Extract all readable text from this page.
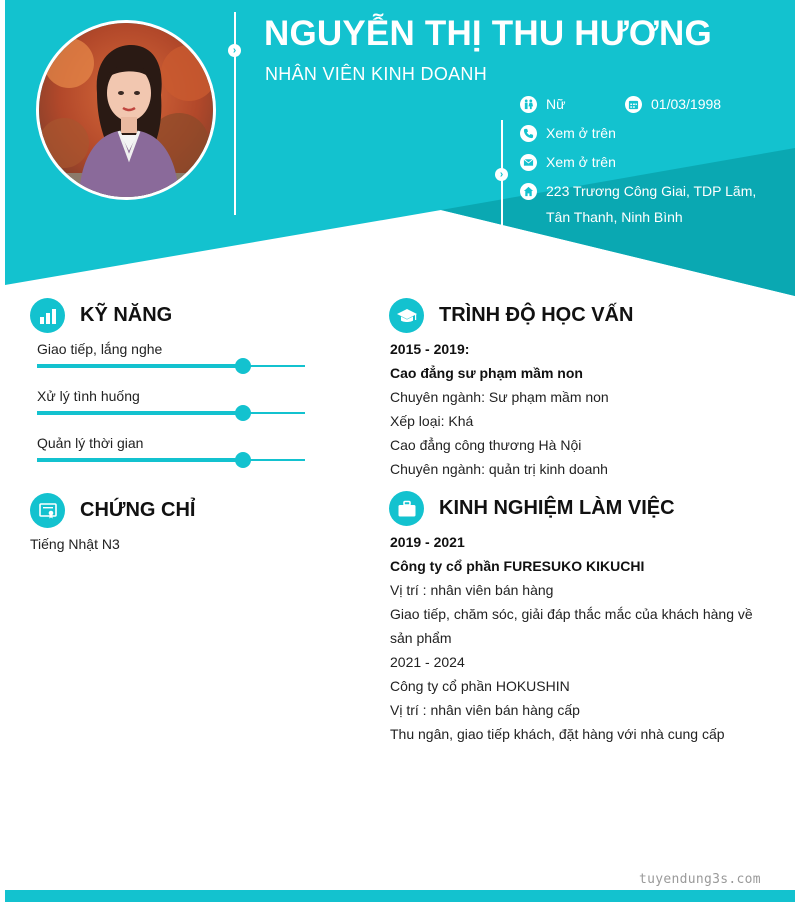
›
›
NGUYỄN THỊ THU HƯƠNG
NHÂN VIÊN KINH DOANH
Nữ	01/03/1998
Xem ở trên
Xem ở trên
223 Trương Công Giai, TDP Lãm, Tân Thanh, Ninh Bình
KỸ NĂNG
Giao tiếp, lắng nghe
Xử lý tình huống
Quản lý thời gian
CHỨNG CHỈ
Tiếng Nhật N3
TRÌNH ĐỘ HỌC VẤN
2015 - 2019:
Cao đẳng sư phạm mầm non
Chuyên ngành: Sư phạm mầm non
Xếp loại: Khá
Cao đẳng công thương Hà Nội
Chuyên ngành: quản trị kinh doanh
KINH NGHIỆM LÀM VIỆC
2019 - 2021
Công ty cổ phần FURESUKO KIKUCHI
Vị trí : nhân viên bán hàng
Giao tiếp, chăm sóc, giải đáp thắc mắc của khách hàng về sản phẩm
2021 - 2024
Công ty cổ phần HOKUSHIN
Vị trí : nhân viên bán hàng cấp
Thu ngân, giao tiếp khách, đặt hàng với nhà cung cấp
tuyendung3s.com
